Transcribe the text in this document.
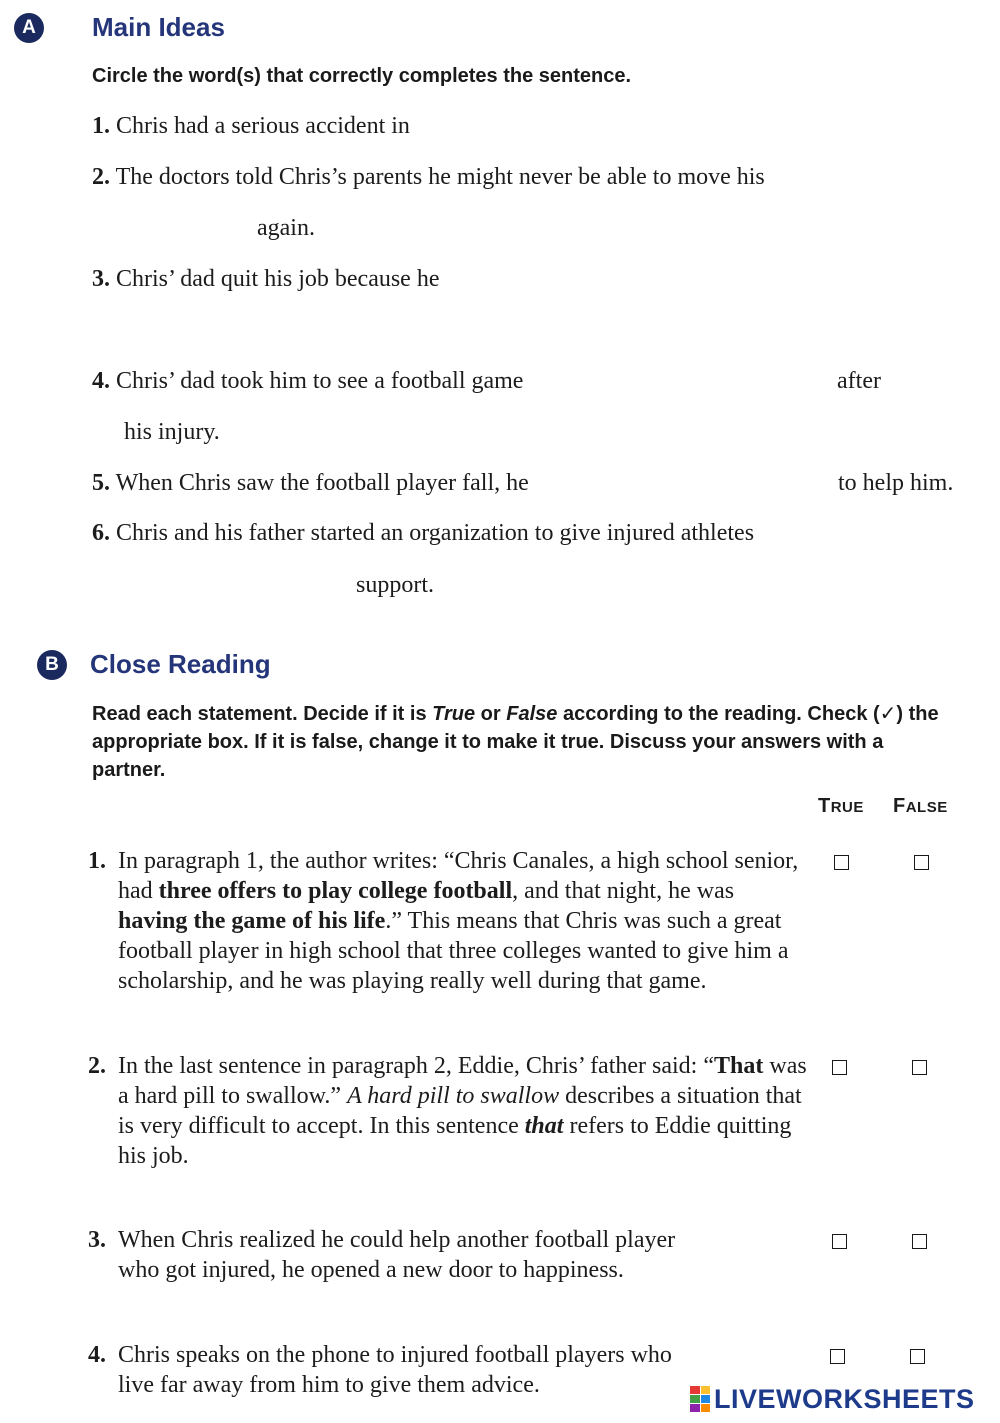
A	Main Ideas
Circle the word(s) that correctly completes the sentence.
1. Chris had a serious accident in
2. The doctors told Chris’s parents he might never be able to move his
again.
3. Chris’ dad quit his job because he
4. Chris’ dad took him to see a football game	after
his injury.
5. When Chris saw the football player fall, he	to help him.
6. Chris and his father started an organization to give injured athletes
support.
B	Close Reading
Read each statement. Decide if it is True or False according to the reading. Check (✓) the appropriate box. If it is false, change it to make it true. Discuss your answers with a partner.
TRUE FALSE
1. In paragraph 1, the author writes: “Chris Canales, a high school senior, had three offers to play college football, and that night, he was having the game of his life.” This means that Chris was such a great football player in high school that three colleges wanted to give him a scholarship, and he was playing really well during that game.
2. In the last sentence in paragraph 2, Eddie, Chris’ father said: “That was a hard pill to swallow.” A hard pill to swallow describes a situation that is very difficult to accept. In this sentence that refers to Eddie quitting his job.
3. When Chris realized he could help another football player who got injured, he opened a new door to happiness.
4. Chris speaks on the phone to injured football players who live far away from him to give them advice.	LIVEWORKSHEETS
